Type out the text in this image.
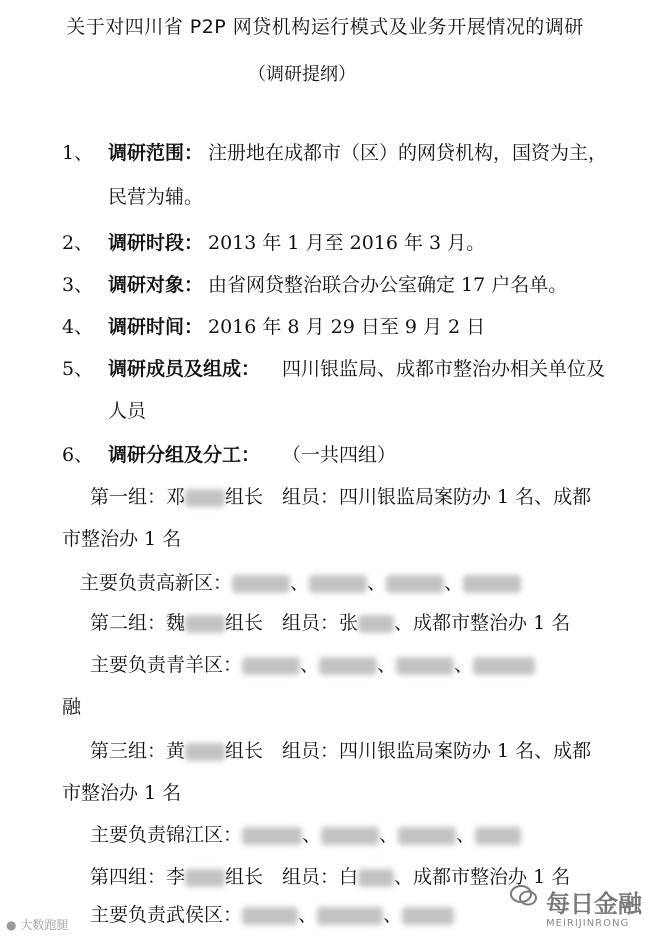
关于对四川省 P2P 网贷机构运行模式及业务开展情况的调研
（调研提纲）
1、 调研范围： 注册地在成都市（区）的网贷机构，国资为主，
民营为辅。
2、 调研时段： 2013 年 1 月至 2016 年 3 月。
3、 调研对象： 由省网贷整治联合办公室确定 17 户名单。
4、 调研时间： 2016 年 8 月 29 日至 9 月 2 日
5、 调研成员及组成： 四川银监局、成都市整治办相关单位及
人员
6、 调研分组及分工： （一共四组）
第一组：邓 组长　组员：四川银监局案防办 1 名、成都
市整治办 1 名
主要负责高新区：	、	、	、
第二组：魏 组长　组员：张 、成都市整治办 1 名
主要负责青羊区：	、	、	、
融
第三组：黄 组长　组员：四川银监局案防办 1 名、成都
市整治办 1 名
主要负责锦江区：	、	、	、
第四组：李 组长　组员：白 、成都市整治办 1 名
主要负责武侯区：	、	、
● 大数跑腿
每日金融
MEIRIJINRONG
